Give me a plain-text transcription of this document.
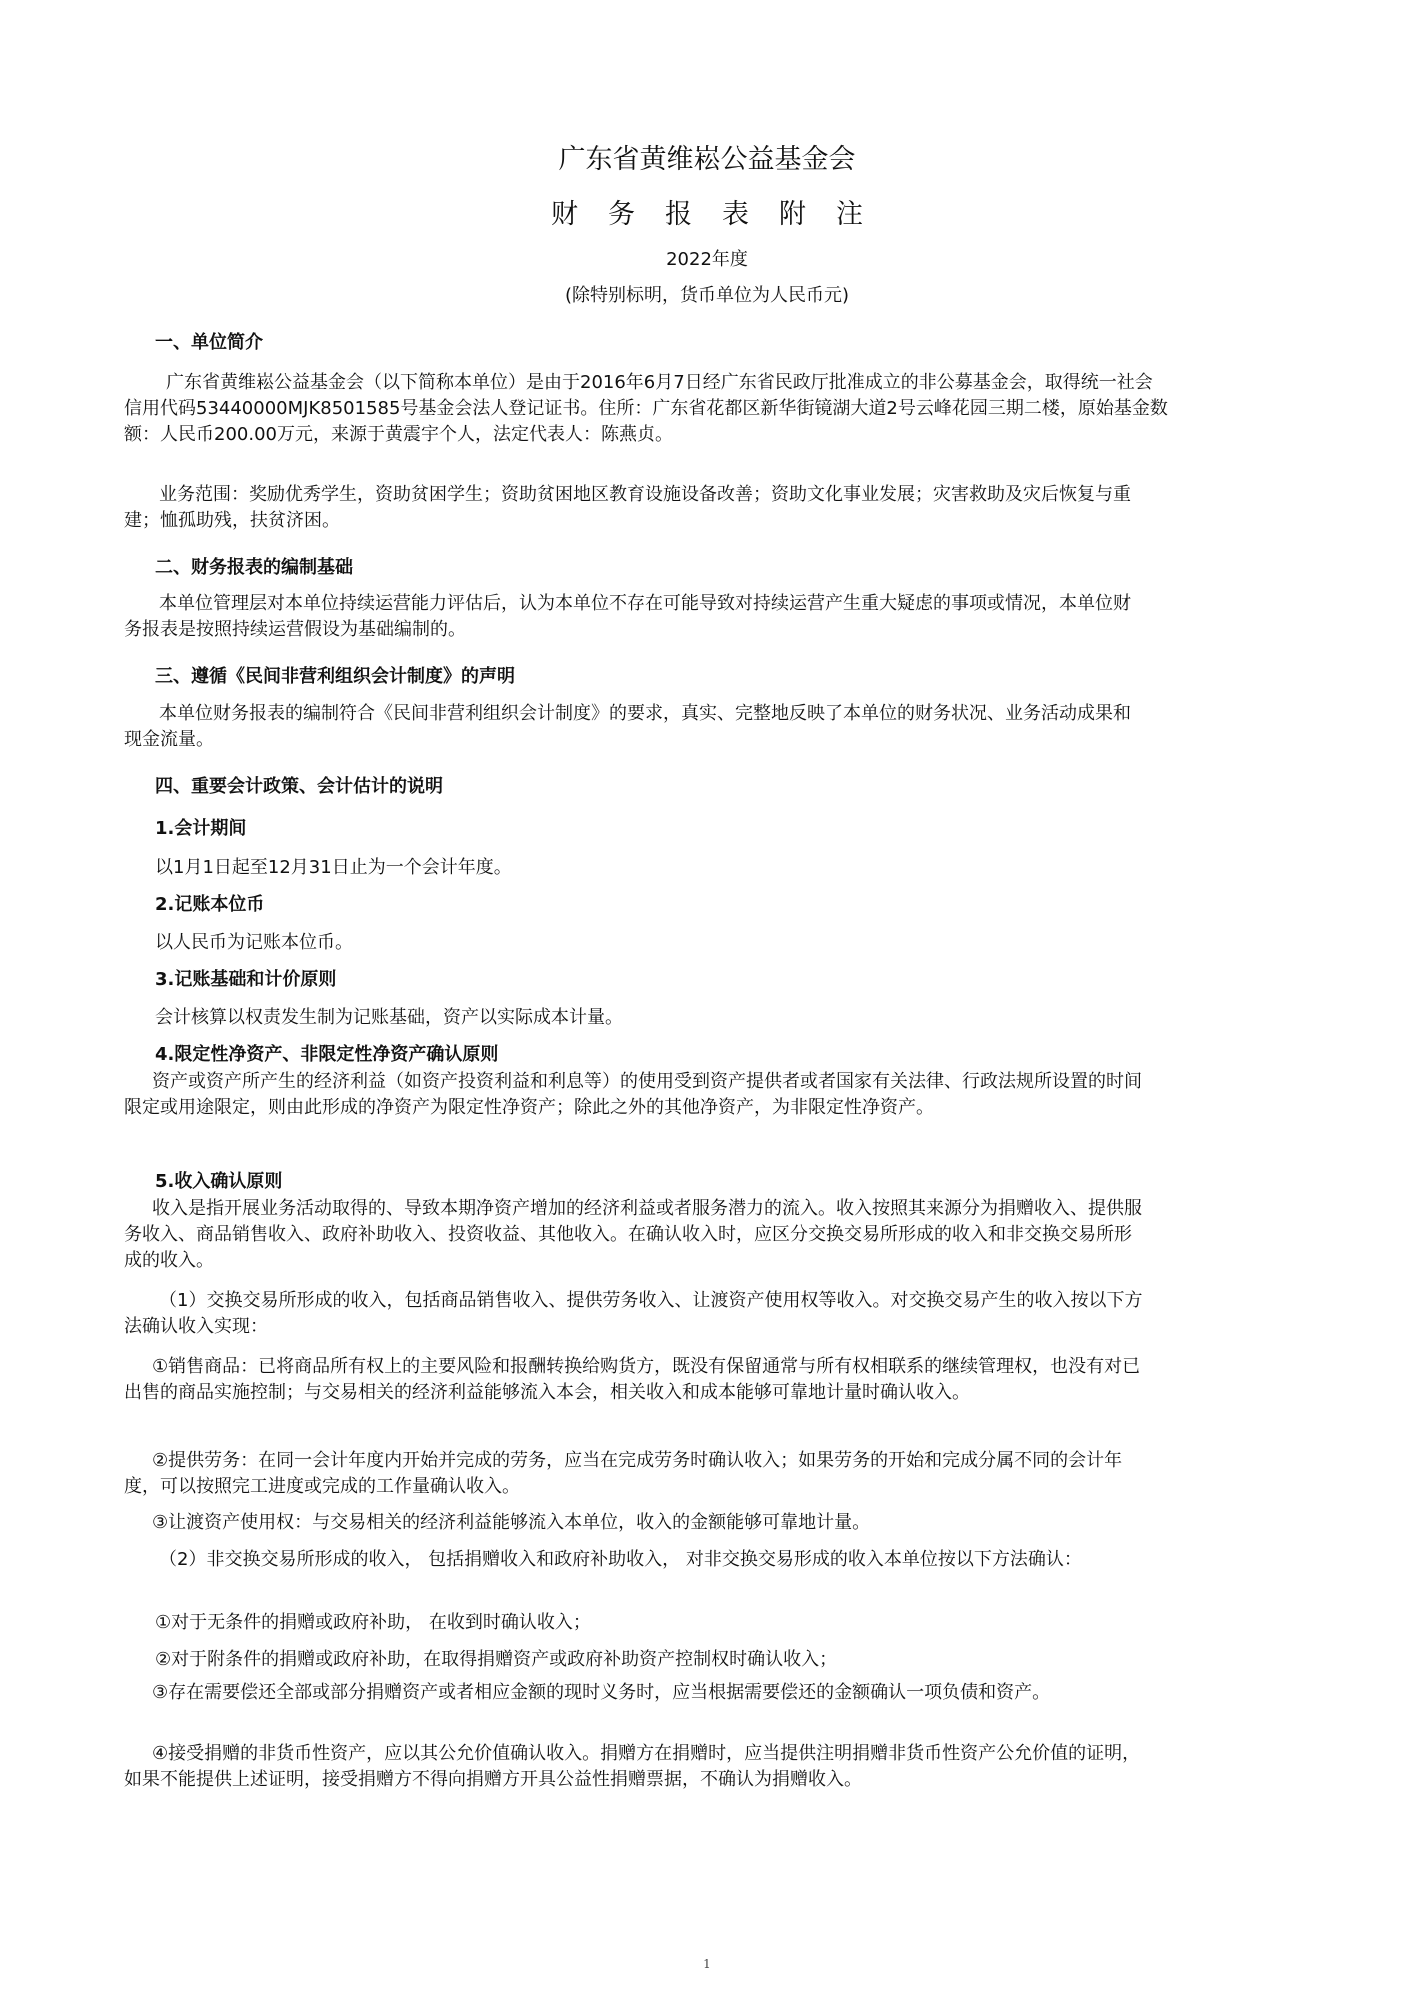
广东省黄维崧公益基金会
财务报表附注
2022年度
(除特别标明，货币单位为人民币元)
一、单位简介
广东省黄维崧公益基金会（以下简称本单位）是由于2016年6月7日经广东省民政厅批准成立的非公募基金会，取得统一社会
信用代码53440000MJK8501585号基金会法人登记证书。住所：广东省花都区新华街镜湖大道2号云峰花园三期二楼，原始基金数
额：人民币200.00万元，来源于黄震宇个人，法定代表人：陈燕贞。
业务范围：奖励优秀学生，资助贫困学生；资助贫困地区教育设施设备改善；资助文化事业发展；灾害救助及灾后恢复与重
建；恤孤助残，扶贫济困。
二、财务报表的编制基础
本单位管理层对本单位持续运营能力评估后，认为本单位不存在可能导致对持续运营产生重大疑虑的事项或情况，本单位财
务报表是按照持续运营假设为基础编制的。
三、遵循《民间非营利组织会计制度》的声明
本单位财务报表的编制符合《民间非营利组织会计制度》的要求，真实、完整地反映了本单位的财务状况、业务活动成果和
现金流量。
四、重要会计政策、会计估计的说明
1.会计期间
以1月1日起至12月31日止为一个会计年度。
2.记账本位币
以人民币为记账本位币。
3.记账基础和计价原则
会计核算以权责发生制为记账基础，资产以实际成本计量。
4.限定性净资产、非限定性净资产确认原则
资产或资产所产生的经济利益（如资产投资利益和利息等）的使用受到资产提供者或者国家有关法律、行政法规所设置的时间
限定或用途限定，则由此形成的净资产为限定性净资产；除此之外的其他净资产，为非限定性净资产。
5.收入确认原则
收入是指开展业务活动取得的、导致本期净资产增加的经济利益或者服务潜力的流入。收入按照其来源分为捐赠收入、提供服
务收入、商品销售收入、政府补助收入、投资收益、其他收入。在确认收入时，应区分交换交易所形成的收入和非交换交易所形
成的收入。
（1）交换交易所形成的收入，包括商品销售收入、提供劳务收入、让渡资产使用权等收入。对交换交易产生的收入按以下方
法确认收入实现：
①销售商品：已将商品所有权上的主要风险和报酬转换给购货方，既没有保留通常与所有权相联系的继续管理权，也没有对已
出售的商品实施控制；与交易相关的经济利益能够流入本会，相关收入和成本能够可靠地计量时确认收入。
②提供劳务：在同一会计年度内开始并完成的劳务，应当在完成劳务时确认收入；如果劳务的开始和完成分属不同的会计年
度，可以按照完工进度或完成的工作量确认收入。
③让渡资产使用权：与交易相关的经济利益能够流入本单位，收入的金额能够可靠地计量。
（2）非交换交易所形成的收入， 包括捐赠收入和政府补助收入， 对非交换交易形成的收入本单位按以下方法确认：
①对于无条件的捐赠或政府补助， 在收到时确认收入；
②对于附条件的捐赠或政府补助，在取得捐赠资产或政府补助资产控制权时确认收入；
③存在需要偿还全部或部分捐赠资产或者相应金额的现时义务时，应当根据需要偿还的金额确认一项负债和资产。
④接受捐赠的非货币性资产，应以其公允价值确认收入。捐赠方在捐赠时，应当提供注明捐赠非货币性资产公允价值的证明，
如果不能提供上述证明，接受捐赠方不得向捐赠方开具公益性捐赠票据，不确认为捐赠收入。
1
